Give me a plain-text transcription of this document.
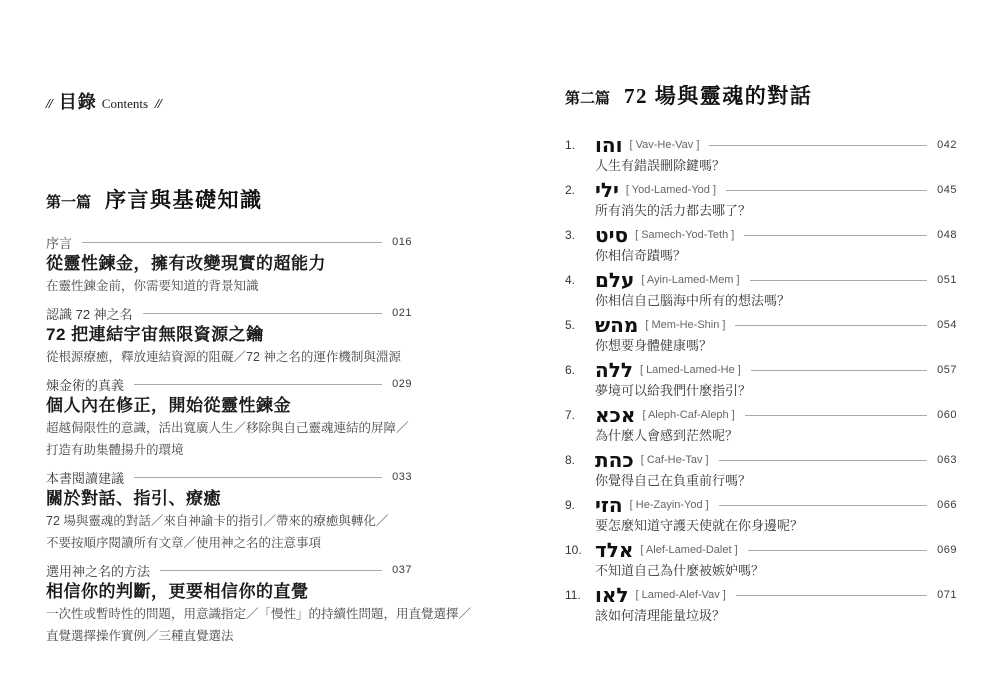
// 目錄 Contents //
第一篇 序言與基礎知識
序言	016
從靈性鍊金，擁有改變現實的超能力
在靈性鍊金前，你需要知道的背景知識
認識 72 神之名	021
72 把連結宇宙無限資源之鑰
從根源療癒，釋放連結資源的阻礙／72 神之名的運作機制與淵源
煉金術的真義	029
個人內在修正，開始從靈性鍊金
超越侷限性的意識，活出寬廣人生／移除與自己靈魂連結的屏障／
打造有助集體揚升的環境
本書閱讀建議	033
關於對話、指引、療癒
72 場與靈魂的對話／來自神諭卡的指引／帶來的療癒與轉化／
不要按順序閱讀所有文章／使用神之名的注意事項
選用神之名的方法	037
相信你的判斷，更要相信你的直覺
一次性或暫時性的問題，用意識指定／「慢性」的持續性問題，用直覺選擇／
直覺選擇操作實例／三種直覺選法
第二篇 72 場與靈魂的對話
1. והו [ Vav-He-Vav ]	042
人生有錯誤刪除鍵嗎？
2. ילי [ Yod-Lamed-Yod ]	045
所有消失的活力都去哪了？
3. סיט [ Samech-Yod-Teth ]	048
你相信奇蹟嗎？
4. עלם [ Ayin-Lamed-Mem ]	051
你相信自己腦海中所有的想法嗎？
5. מהש [ Mem-He-Shin ]	054
你想要身體健康嗎？
6. ללה [ Lamed-Lamed-He ]	057
夢境可以給我們什麼指引？
7. אכא [ Aleph-Caf-Aleph ]	060
為什麼人會感到茫然呢？
8. כהת [ Caf-He-Tav ]	063
你覺得自己在負重前行嗎？
9. הזי [ He-Zayin-Yod ]	066
要怎麼知道守護天使就在你身邊呢？
10. אלד [ Alef-Lamed-Dalet ]	069
不知道自己為什麼被嫉妒嗎？
11. לאו [ Lamed-Alef-Vav ]	071
該如何清理能量垃圾？
